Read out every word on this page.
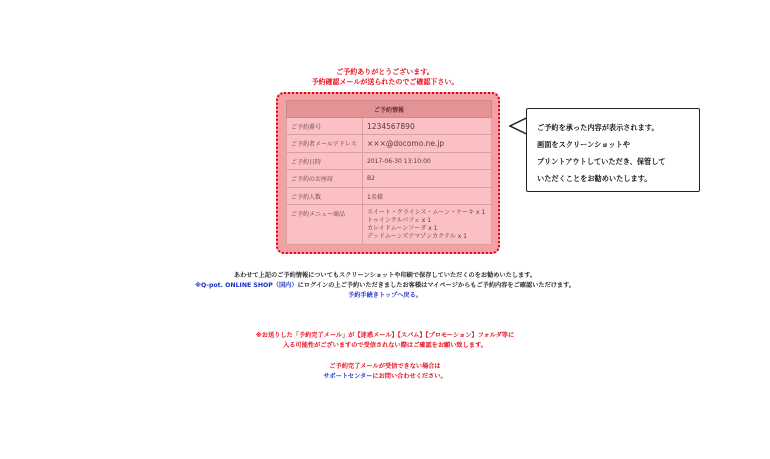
ご予約ありがとうございます。
予約確認メールが送られたのでご確認下さい。
ご予約情報	
ご予約番号	1234567890
ご予約者メールアドレス	×××@docomo.ne.jp
ご予約日時	2017-06-30 13:10:00
ご予約のお座席	B2
ご予約人数	1名様
ご予約メニュー商品	スイート・クライシス・ムーン・ケーキ x 1
トゥインクルパフェ x 1
カレイドムーンソーダ x 1
デッドムーンズアマゾンカクテル x 1
ご予約を承った内容が表示されます。
画面をスクリーンショットや
プリントアウトしていただき、保管して
いただくことをお勧めいたします。
あわせて上記のご予約情報についてもスクリーンショットや印刷で保存していただくのをお勧めいたします。
※Q-pot. ONLINE SHOP（国内）にログインの上ご予約いただきましたお客様はマイページからもご予約内容をご確認いただけます。
予約手続きトップへ戻る。
※お送りした「予約完了メール」が【迷惑メール】【スパム】【プロモーション】フォルダ等に
入る可能性がございますので受信されない際はご確認をお願い致します。
ご予約完了メールが受信できない場合は
サポートセンターにお問い合わせください。
